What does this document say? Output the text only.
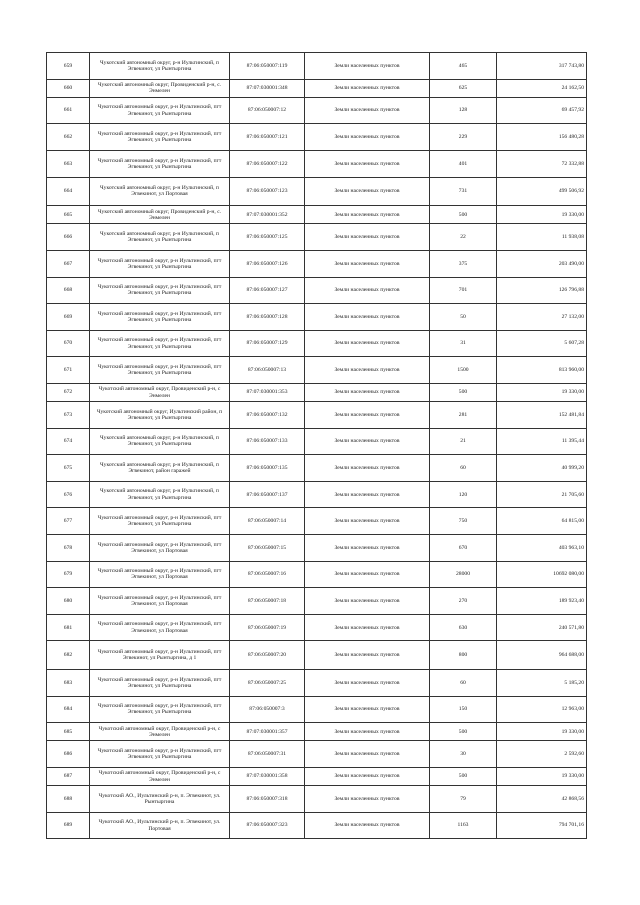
659	Чукотский автономный округ, р-н Иультинский, п Эгвекинот, ул Рынтыргина	87:06:050007:119	Земли населенных пунктов	465	317 743,80
660	Чукотский автономный округ, Провиденский р-н, с. Энмелен	87:07:030001:348	Земли населенных пунктов	625	24 162,50
661	Чукотский автономный округ, р-н Иультинский, пгт Эгвекинот, ул Рынтыргина	87:06:050007:12	Земли населенных пунктов	128	69 457,92
662	Чукотский автономный округ, р-н Иультинский, пгт Эгвекинот, ул Рынтыргина	87:06:050007:121	Земли населенных пунктов	229	156 480,28
663	Чукотский автономный округ, р-н Иультинский, пгт Эгвекинот, ул Рынтыргина	87:06:050007:122	Земли населенных пунктов	401	72 332,88
664	Чукотский автономный округ, р-н Иультинский, п Эгвекинот, ул Портовая	87:06:050007:123	Земли населенных пунктов	731	499 506,92
665	Чукотский автономный округ, Провиденский р-н, с. Энмелен	87:07:030001:352	Земли населенных пунктов	500	19 330,00
666	Чукотский автономный округ, р-н Иультинский, п Эгвекинот, ул Рынтыргина	87:06:050007:125	Земли населенных пунктов	22	11 938,08
667	Чукотский автономный округ, р-н Иультинский, пгт Эгвекинот, ул Рынтыргина	87:06:050007:126	Земли населенных пунктов	375	203 490,00
668	Чукотский автономный округ, р-н Иультинский, пгт Эгвекинот, ул Рынтыргина	87:06:050007:127	Земли населенных пунктов	701	126 796,88
669	Чукотский автономный округ, р-н Иультинский, пгт Эгвекинот, ул Рынтыргина	87:06:050007:128	Земли населенных пунктов	50	27 132,00
670	Чукотский автономный округ, р-н Иультинский, пгт Эгвекинот, ул Рынтыргина	87:06:050007:129	Земли населенных пунктов	31	5 607,28
671	Чукотский автономный округ, р-н Иультинский, пгт Эгвекинот, ул Рынтыргина	87:06:050007:13	Земли населенных пунктов	1500	813 960,00
672	Чукотский автономный округ, Провиденский р-н, с Энмелен	87:07:030001:353	Земли населенных пунктов	500	19 330,00
673	Чукотский автономный округ, Иультинский район, п Эгвекинот, ул Рынтыргина	87:06:050007:132	Земли населенных пунктов	281	152 481,84
674	Чукотский автономный округ, р-н Иультинский, п Эгвекинот, ул Рынтыргина	87:06:050007:133	Земли населенных пунктов	21	11 395,44
675	Чукотский автономный округ, р-н Иультинский, п Эгвекинот, район гаражей	87:06:050007:135	Земли населенных пунктов	60	40 999,20
676	Чукотский автономный округ, р-н Иультинский, п Эгвекинот, ул Рынтыргина	87:06:050007:137	Земли населенных пунктов	120	21 705,60
677	Чукотский автономный округ, р-н Иультинский, пгт Эгвекинот, ул Рынтыргина	87:06:050007:14	Земли населенных пунктов	750	64 815,00
678	Чукотский автономный округ, р-н Иультинский, пгт Эгвекинот, ул Портовая	87:06:050007:15	Земли населенных пунктов	670	403 963,10
679	Чукотский автономный округ, р-н Иультинский, пгт Эгвекинот, ул Портовая	87:06:050007:16	Земли населенных пунктов	28000	10692 080,00
680	Чукотский автономный округ, р-н Иультинский, пгт Эгвекинот, ул Портовая	87:06:050007:18	Земли населенных пунктов	270	189 923,40
681	Чукотский автономный округ, р-н Иультинский, пгт Эгвекинот, ул Портовая	87:06:050007:19	Земли населенных пунктов	630	240 571,80
682	Чукотский автономный округ, р-н Иультинский, пгт Эгвекинот, ул Рынтыргина, д 1	87:06:050007:20	Земли населенных пунктов	800	964 688,00
683	Чукотский автономный округ, р-н Иультинский, пгт Эгвекинот, ул Рынтыргина	87:06:050007:25	Земли населенных пунктов	60	5 185,20
684	Чукотский автономный округ, р-н Иультинский, пгт Эгвекинот, ул Рынтыргина	87:06:050007:3	Земли населенных пунктов	150	12 963,00
685	Чукотский автономный округ, Провиденский р-н, с Энмелен	87:07:030001:357	Земли населенных пунктов	500	19 330,00
686	Чукотский автономный округ, р-н Иультинский, пгт Эгвекинот, ул Рынтыргина	87:06:050007:31	Земли населенных пунктов	30	2 592,60
687	Чукотский автономный округ, Провиденский р-н, с Энмелен	87:07:030001:358	Земли населенных пунктов	500	19 330,00
688	Чукотский АО., Иультинский р-н, п. Эгвекинот, ул. Рынтыргина	87:06:050007:318	Земли населенных пунктов	79	42 868,56
689	Чукотский АО., Иультинский р-н, п. Эгвекинот, ул. Портовая	87:06:050007:323	Земли населенных пунктов	1163	794 701,16
